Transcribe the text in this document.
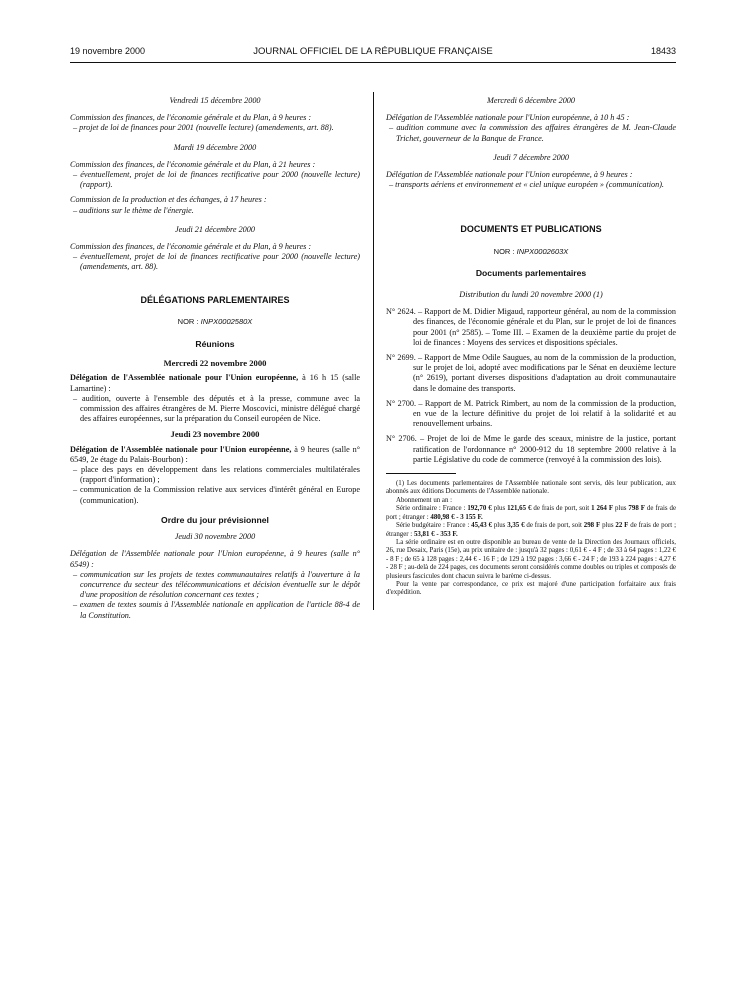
19 novembre 2000	JOURNAL OFFICIEL DE LA RÉPUBLIQUE FRANÇAISE	18433

Vendredi 15 décembre 2000

Commission des finances, de l'économie générale et du Plan, à 9 heures :

– projet de loi de finances pour 2001 (nouvelle lecture) (amendements, art. 88).

Mardi 19 décembre 2000

Commission des finances, de l'économie générale et du Plan, à 21 heures :

– éventuellement, projet de loi de finances rectificative pour 2000 (nouvelle lecture) (rapport).

Commission de la production et des échanges, à 17 heures :

– auditions sur le thème de l'énergie.

Jeudi 21 décembre 2000

Commission des finances, de l'économie générale et du Plan, à 9 heures :

– éventuellement, projet de loi de finances rectificative pour 2000 (nouvelle lecture) (amendements, art. 88).

DÉLÉGATIONS PARLEMENTAIRES

NOR : INPX0002580X

Réunions

Mercredi 22 novembre 2000

Délégation de l'Assemblée nationale pour l'Union européenne, à 16 h 15 (salle Lamartine) :

– audition, ouverte à l'ensemble des députés et à la presse, commune avec la commission des affaires étrangères de M. Pierre Moscovici, ministre délégué chargé des affaires européennes, sur la préparation du Conseil européen de Nice.

Jeudi 23 novembre 2000

Délégation de l'Assemblée nationale pour l'Union européenne, à 9 heures (salle n° 6549, 2e étage du Palais-Bourbon) :

– place des pays en développement dans les relations commerciales multilatérales (rapport d'information) ;

– communication de la Commission relative aux services d'intérêt général en Europe (communication).

Ordre du jour prévisionnel

Jeudi 30 novembre 2000

Délégation de l'Assemblée nationale pour l'Union européenne, à 9 heures (salle n° 6549) :

– communication sur les projets de textes communautaires relatifs à l'ouverture à la concurrence du secteur des télécommunications et décision éventuelle sur le dépôt d'une proposition de résolution concernant ces textes ;

– examen de textes soumis à l'Assemblée nationale en application de l'article 88-4 de la Constitution.

Mercredi 6 décembre 2000

Délégation de l'Assemblée nationale pour l'Union européenne, à 10 h 45 :

– audition commune avec la commission des affaires étrangères de M. Jean-Claude Trichet, gouverneur de la Banque de France.

Jeudi 7 décembre 2000

Délégation de l'Assemblée nationale pour l'Union européenne, à 9 heures :

– transports aériens et environnement et « ciel unique européen » (communication).

DOCUMENTS ET PUBLICATIONS

NOR : INPX0002603X

Documents parlementaires

Distribution du lundi 20 novembre 2000 (1)

N° 2624. – Rapport de M. Didier Migaud, rapporteur général, au nom de la commission des finances, de l'économie générale et du Plan, sur le projet de loi de finances pour 2001 (n° 2585). – Tome III. – Examen de la deuxième partie du projet de loi de finances : Moyens des services et dispositions spéciales.

N° 2699. – Rapport de Mme Odile Saugues, au nom de la commission de la production, sur le projet de loi, adopté avec modifications par le Sénat en deuxième lecture (n° 2619), portant diverses dispositions d'adaptation au droit communautaire dans le domaine des transports.

N° 2700. – Rapport de M. Patrick Rimbert, au nom de la commission de la production, en vue de la lecture définitive du projet de loi relatif à la solidarité et au renouvellement urbains.

N° 2706. – Projet de loi de Mme le garde des sceaux, ministre de la justice, portant ratification de l'ordonnance n° 2000-912 du 18 septembre 2000 relative à la partie Législative du code de commerce (renvoyé à la commission des lois).

(1) Les documents parlementaires de l'Assemblée nationale sont servis, dès leur publication, aux abonnés aux éditions Documents de l'Assemblée nationale.

Abonnement un an :

Série ordinaire : France : 192,70 € plus 121,65 € de frais de port, soit 1 264 F plus 798 F de frais de port ; étranger : 480,98 € - 3 155 F.

Série budgétaire : France : 45,43 € plus 3,35 € de frais de port, soit 298 F plus 22 F de frais de port ; étranger : 53,81 € - 353 F.

La série ordinaire est en outre disponible au bureau de vente de la Direction des Journaux officiels, 26, rue Desaix, Paris (15e), au prix unitaire de : jusqu'à 32 pages : 0,61 € - 4 F ; de 33 à 64 pages : 1,22 € - 8 F ; de 65 à 128 pages : 2,44 € - 16 F ; de 129 à 192 pages : 3,66 € - 24 F ; de 193 à 224 pages : 4,27 € - 28 F ; au-delà de 224 pages, ces documents seront considérés comme doubles ou triples et composés de plusieurs fascicules dont chacun suivra le barème ci-dessus.

Pour la vente par correspondance, ce prix est majoré d'une participation forfaitaire aux frais d'expédition.
